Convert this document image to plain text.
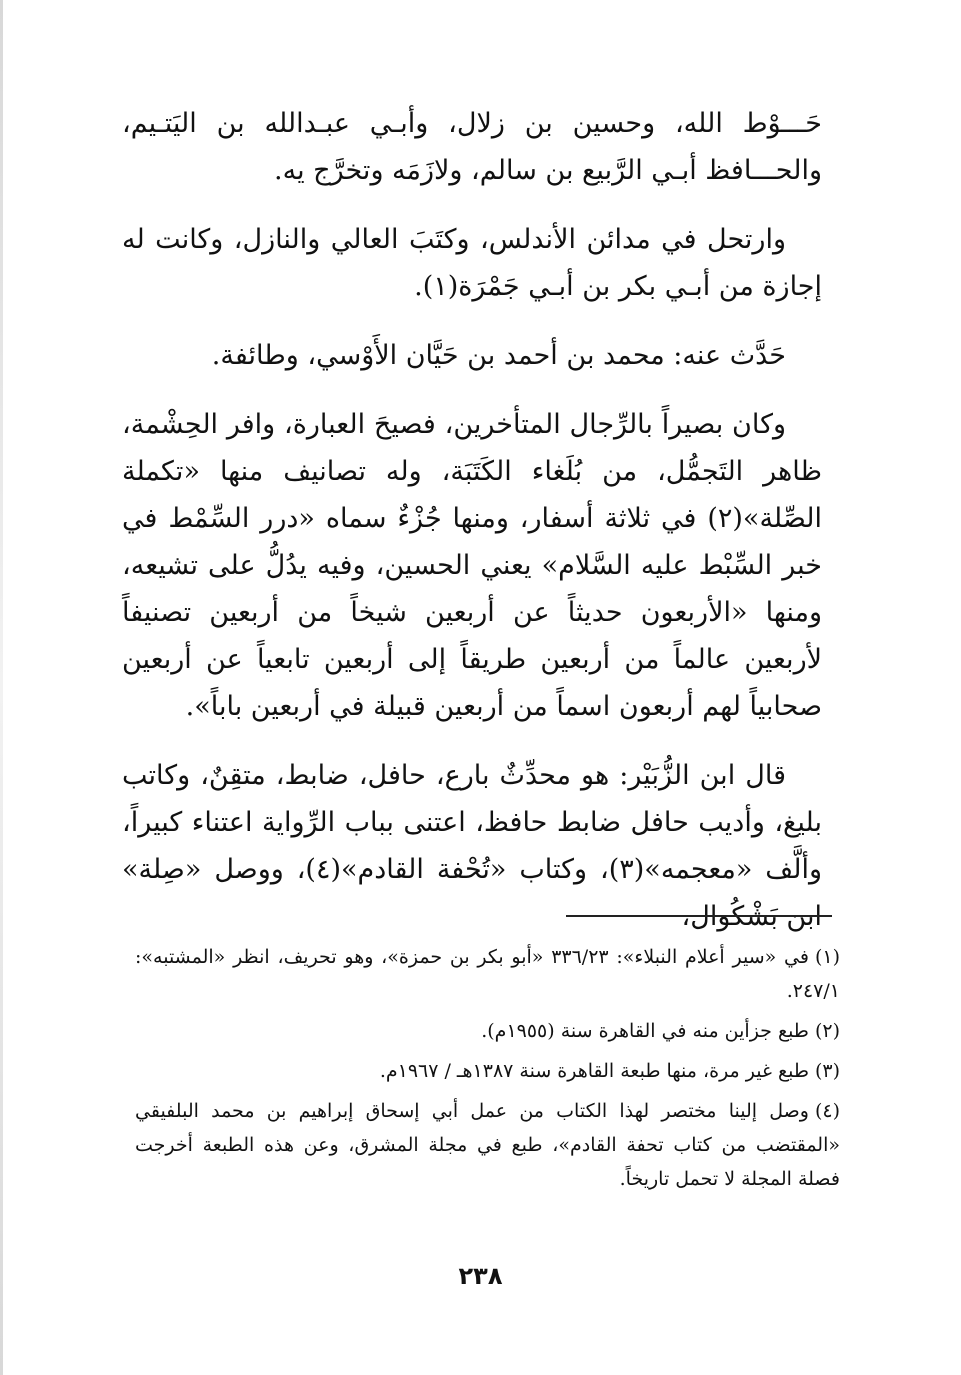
حَـــوْط الله، وحسين بن زلال، وأبـي عبـدالله بن اليَتـيم، والحـــافظ أبـي الرَّبيع بن سالم، ولازَمَه وتخرَّج يه.

وارتحل في مدائن الأندلس، وكتَبَ العالي والنازل، وكانت له إجازة من أبـي بكر بن أبـي جَمْرَة(١).

حَدَّث عنه: محمد بن أحمد بن حَيَّان الأَوْسي، وطائفة.

وكان بصيراً بالرِّجال المتأخرين، فصيحَ العبارة، وافر الحِشْمة، ظاهر التَجمُّل، من بُلَغاء الكَتَبَة، وله تصانيف منها «تكملة الصِّلة»(٢) في ثلاثة أسفار، ومنها جُزْءٌ سماه «درر السِّمْط في خبر السِّبْط عليه السَّلام» يعني الحسين، وفيه يدُلُّ على تشيعه، ومنها «الأربعون حديثاً عن أربعين شيخاً من أربعين تصنيفاً لأربعين عالماً من أربعين طريقاً إلى أربعين تابعياً عن أربعين صحابياً لهم أربعون اسماً من أربعين قبيلة في أربعين باباً».

قال ابن الزُّبَيْر: هو محدِّثٌ بارع، حافل، ضابط، متقِنٌ، وكاتب بليغ، وأديب حافل ضابط حافظ، اعتنى بباب الرِّواية اعتناء كبيراً، وألَّف «معجمه»(٣)، وكتاب «تُحْفة القادم»(٤)، ووصل «صِلة» ابن بَشْكُوال،

(١)في «سير أعلام النبلاء»: ٣٣٦/٢٣ «أبو بكر بن حمزة»، وهو تحريف، انظر «المشتبه»: ٢٤٧/١.

(٢)طبع جزأين منه في القاهرة سنة (١٩٥٥م).

(٣)طبع غير مرة، منها طبعة القاهرة سنة ١٣٨٧هـ / ١٩٦٧م.

(٤)وصل إلينا مختصر لهذا الكتاب من عمل أبي إسحاق إبراهيم بن محمد البلفيقي «المقتضب من كتاب تحفة القادم»، طبع في مجلة المشرق، وعن هذه الطبعة أخرجت فصلة المجلة لا تحمل تاريخاً.

٢٣٨
